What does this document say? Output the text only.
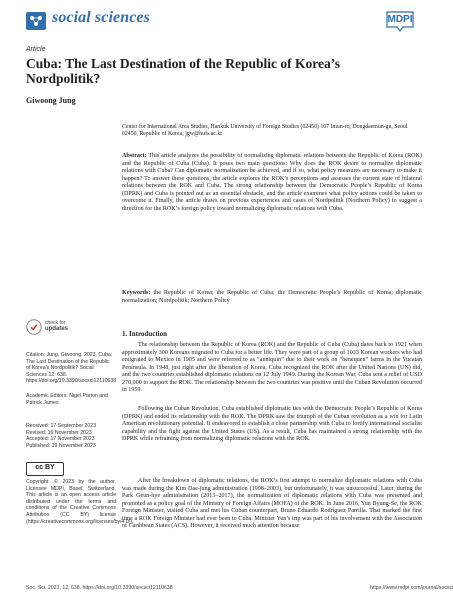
social sciences	MDPI
Article
Cuba: The Last Destination of the Republic of Korea’s Nordpolitik?
Giwoong Jung
Center for International Area Studies, Hankuk University of Foreign Studies (02450) 107 Imun-ro, Dongdaemun-gu, Seoul 02450, Republic of Korea; jgw@hufs.ac.kr
Abstract: This article analyzes the possibility of normalizing diplomatic relations between the Republic of Korea (ROK) and the Republic of Cuba (Cuba). It poses two main questions: Why does the ROK desire to normalize diplomatic relations with Cuba? Can diplomatic normalization be achieved, and if so, what policy measures are necessary to make it happen? To answer these questions, the article explores the ROK’s perceptions and assesses the current state of bilateral relations between the ROK and Cuba. The strong relationship between the Democratic People’s Republic of Korea (DPRK) and Cuba is pointed out as an essential obstacle, and the article examines what policy actions could be taken to overcome it. Finally, the article draws on previous experiences and cases of Nordpolitik (Northern Policy) to suggest a direction for the ROK’s foreign policy toward normalizing diplomatic relations with Cuba.
Keywords: the Republic of Korea; the Republic of Cuba; the Democratic People’s Republic of Korea; diplomatic normalization; Nordpolitik; Northern Policy
1. Introduction
The relationship between the Republic of Korea (ROK) and the Republic of Cuba (Cuba) dates back to 1921 when approximately 300 Koreans migrated to Cuba for a better life. They were part of a group of 1033 Korean workers who had emigrated to Mexico in 1905 and were referred to as “anniquin” due to their work on “henequen” farms in the Yucatán Península. In 1948, just right after the liberation of Korea, Cuba recognized the ROK after the United Nations (UN) did, and the two countries established diplomatic relations on 12 July 1949. During the Korean War, Cuba sent a relief of USD 270,000 to support the ROK. The relationship between the two countries was positive until the Cuban Revolution occurred in 1959.
Following the Cuban Revolution, Cuba established diplomatic ties with the Democratic People’s Republic of Korea (DPRK) and ended its relationship with the ROK. The DPRK saw the triumph of the Cuban revolution as a win for Latin American revolutionary potential. It endeavored to establish a close partnership with Cuba to fortify international socialist capability and the fight against the United States (US). As a result, Cuba has maintained a strong relationship with the DPRK while refraining from normalizing diplomatic relations with the ROK.
After the breakdown of diplomatic relations, the ROK’s first attempt to normalize diplomatic relations with Cuba was made during the Kim Dae-jung administration (1998–2003), but unfortunately, it was unsuccessful. Later, during the Park Geun-hye administration (2013–2017), the normalization of diplomatic relations with Cuba was presented and promoted as a policy goal of the Ministry of Foreign Affairs (MOFA) of the ROK. In June 2016, Yun Byung-Se, the ROK Foreign Minister, visited Cuba and met his Cuban counterpart, Bruno Eduardo Rodríguez Parrilla. That marked the first time a ROK Foreign Minister had ever been to Cuba. Minister Yun’s trip was part of his involvement with the Association of Caribbean States (ACS). However, it received much attention because
check for
updates
Citation: Jung, Giwoong. 2023. Cuba: The Last Destination of the Republic of Korea’s Nordpolitik? Social Sciences 12: 638. https://doi.org/10.3390/socsci12110638
Academic Editors: Nigel Parton and Patrick James
Received: 17 September 2023
Revised: 16 November 2023
Accepted: 17 November 2023
Published: 19 November 2023
cc BY
Copyright: © 2023 by the author. Licensee MDPI, Basel, Switzerland. This article is an open access article distributed under the terms and conditions of the Creative Commons Attribution (CC BY) license (https://creativecommons.org/licenses/by/4.0/).
Soc. Sci. 2023, 12, 638. https://doi.org/10.3390/socsci12110638	https://www.mdpi.com/journal/socsci
